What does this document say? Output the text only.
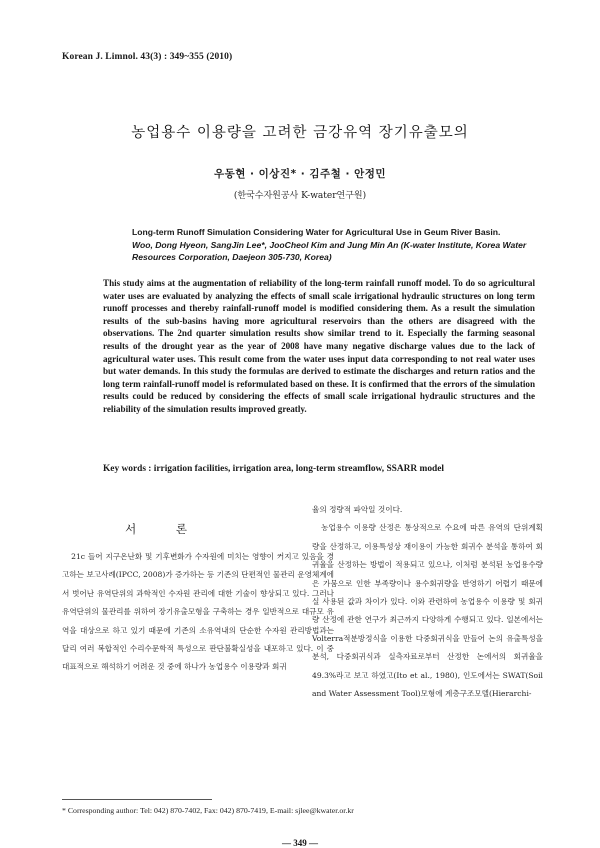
Korean J. Limnol. 43(3) : 349~355 (2010)
농업용수 이용량을 고려한 금강유역 장기유출모의
우동현 · 이상진* · 김주철 · 안정민
(한국수자원공사 K-water연구원)
Long-term Runoff Simulation Considering Water for Agricultural Use in Geum River Basin.
Woo, Dong Hyeon, SangJin Lee*, JooCheol Kim and Jung Min An (K-water Institute, Korea Water Resources Corporation, Daejeon 305-730, Korea)
This study aims at the augmentation of reliability of the long-term rainfall runoff model. To do so agricultural water uses are evaluated by analyzing the effects of small scale irrigational hydraulic structures on long term runoff processes and thereby rainfall-runoff model is modified considering them. As a result the simulation results of the sub-basins having more agricultural reservoirs than the others are disagreed with the observations. The 2nd quarter simulation results show similar trend to it. Especially the farming seasonal results of the drought year as the year of 2008 have many negative discharge values due to the lack of agricultural water uses. This result come from the water uses input data corresponding to not real water uses but water demands. In this study the formulas are derived to estimate the discharges and return ratios and the long term rainfall-runoff model is reformulated based on these. It is confirmed that the errors of the simulation results could be reduced by considering the effects of small scale irrigational hydraulic structures and the reliability of the simulation results improved greatly.
Key words : irrigation facilities, irrigation area, long-term streamflow, SSARR model
서 론
21c 들어 지구온난화 및 기후변화가 수자원에 미치는 영향이 커지고 있음을 경고하는 보고사례(IPCC, 2008)가 증가하는 등 기존의 단편적인 물관리 운영체계에서 벗어난 유역단위의 과학적인 수자원 관리에 대한 기술이 향상되고 있다. 그러나 유역단위의 물관리를 위하여 장기유출모형을 구축하는 경우 일반적으로 대규모 유역을 대상으로 하고 있기 때문에 기존의 소유역내의 단순한 수자원 관리방법과는 달리 여러 복합적인 수리수문학적 특성으로 판단불확실성을 내포하고 있다. 이 중 대표적으로 해석하기 어려운 것 중에 하나가 농업용수 이용량과 회귀
율의 정량적 파악일 것이다.
농업용수 이용량 산정은 통상적으로 수요에 따른 유역의 단위계획량을 산정하고, 이용특성상 재이용이 가능한 회귀수 분석을 통하여 회귀율을 산정하는 방법이 적용되고 있으나, 이처럼 분석된 농업용수량은 가뭄으로 인한 부족량이나 용수회귀량을 반영하기 어렵기 때문에 실 사용된 값과 차이가 있다. 이와 관련하여 농업용수 이용량 및 회귀량 산정에 관한 연구가 최근까지 다양하게 수행되고 있다. 일본에서는 Volterra적분방정식을 이용한 다중회귀식을 만들어 논의 유출특성을 분석, 다중회귀식과 실측자료로부터 산정한 논에서의 회귀율을 49.3%라고 보고 하였고(Ito et al., 1980), 인도에서는 SWAT(Soil and Water Assessment Tool)모형에 계층구조모델(Hierarchi-
* Corresponding author: Tel: 042) 870-7402, Fax: 042) 870-7419, E-mail: sjlee@kwater.or.kr
— 349 —
